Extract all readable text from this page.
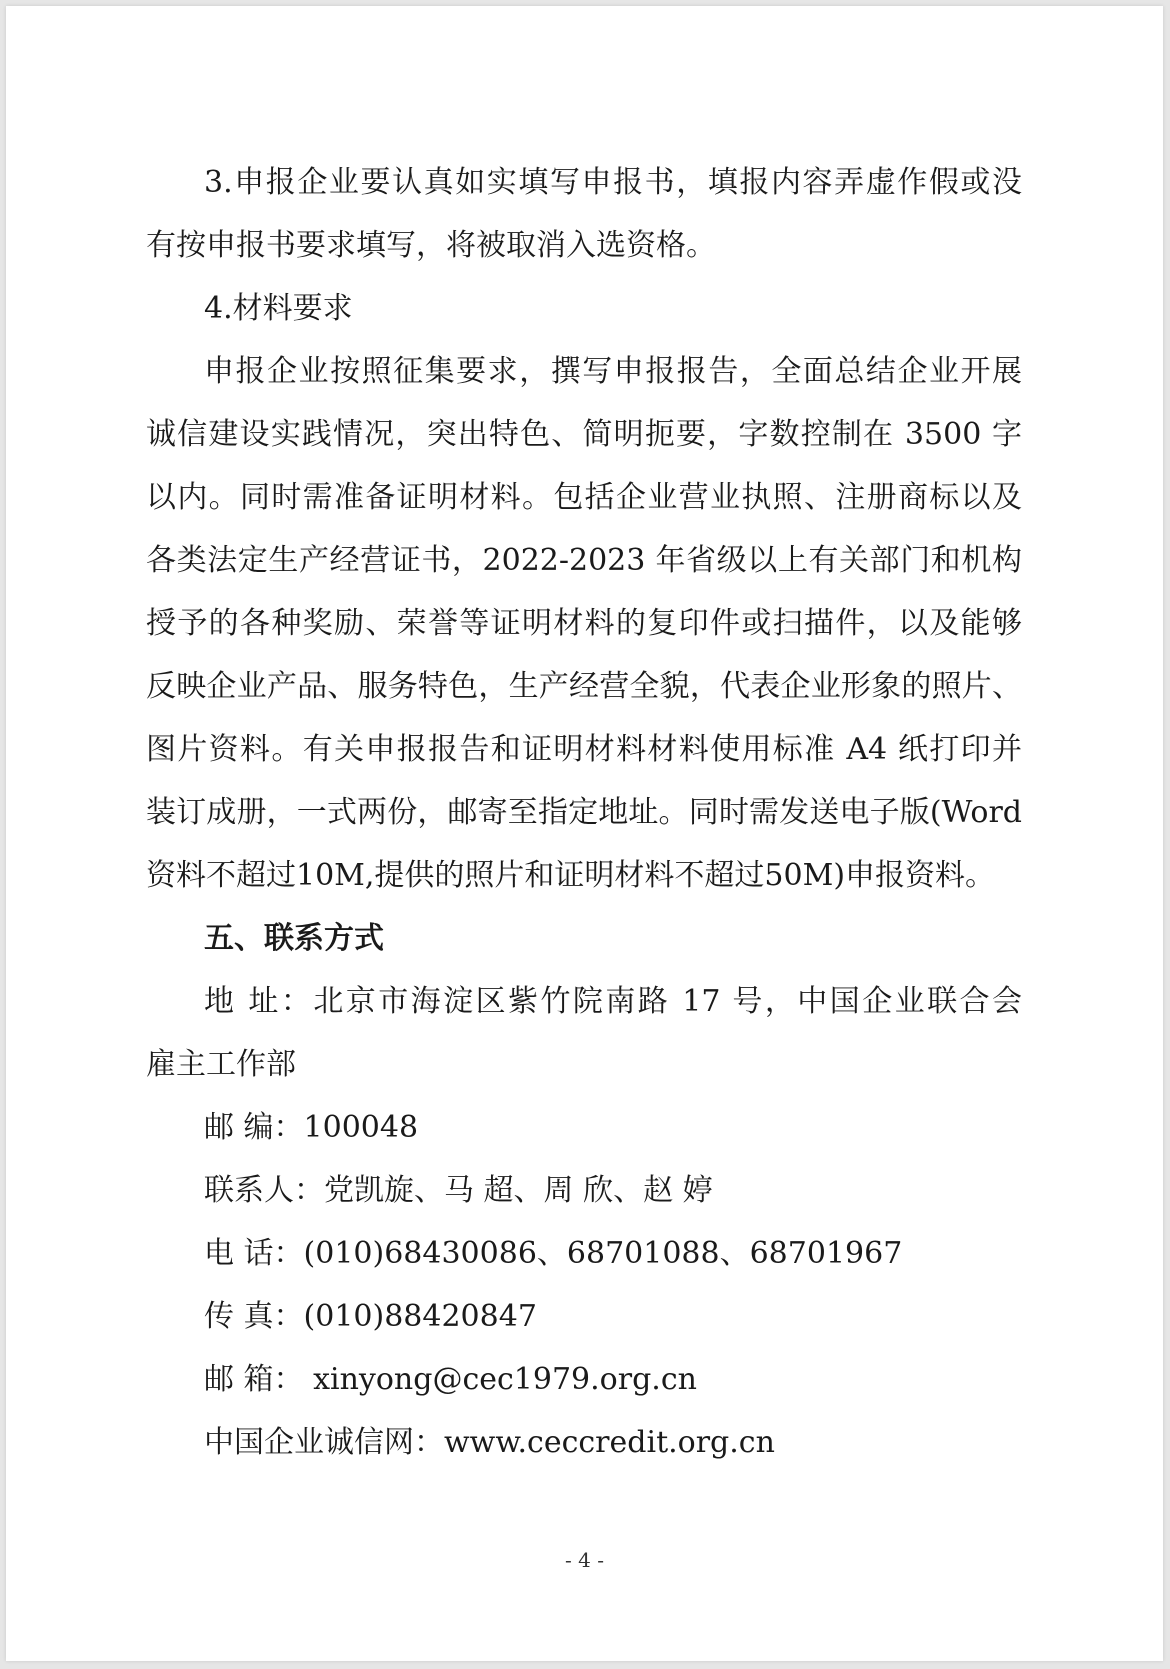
3.申报企业要认真如实填写申报书，填报内容弄虚作假或没

有按申报书要求填写，将被取消入选资格。

4.材料要求

申报企业按照征集要求，撰写申报报告，全面总结企业开展

诚信建设实践情况，突出特色、简明扼要，字数控制在 3500 字

以内。同时需准备证明材料。包括企业营业执照、注册商标以及

各类法定生产经营证书，2022-2023 年省级以上有关部门和机构

授予的各种奖励、荣誉等证明材料的复印件或扫描件，以及能够

反映企业产品、服务特色，生产经营全貌，代表企业形象的照片、

图片资料。有关申报报告和证明材料材料使用标准 A4 纸打印并

装订成册，一式两份，邮寄至指定地址。同时需发送电子版(Word

资料不超过10M,提供的照片和证明材料不超过50M)申报资料。

五、联系方式

地 址：北京市海淀区紫竹院南路 17 号，中国企业联合会

雇主工作部

邮 编：100048

联系人：党凯旋、马 超、周 欣、赵 婷

电 话：(010)68430086、68701088、68701967

传 真：(010)88420847

邮 箱： xinyong@cec1979.org.cn

中国企业诚信网：www.ceccredit.org.cn

- 4 -
